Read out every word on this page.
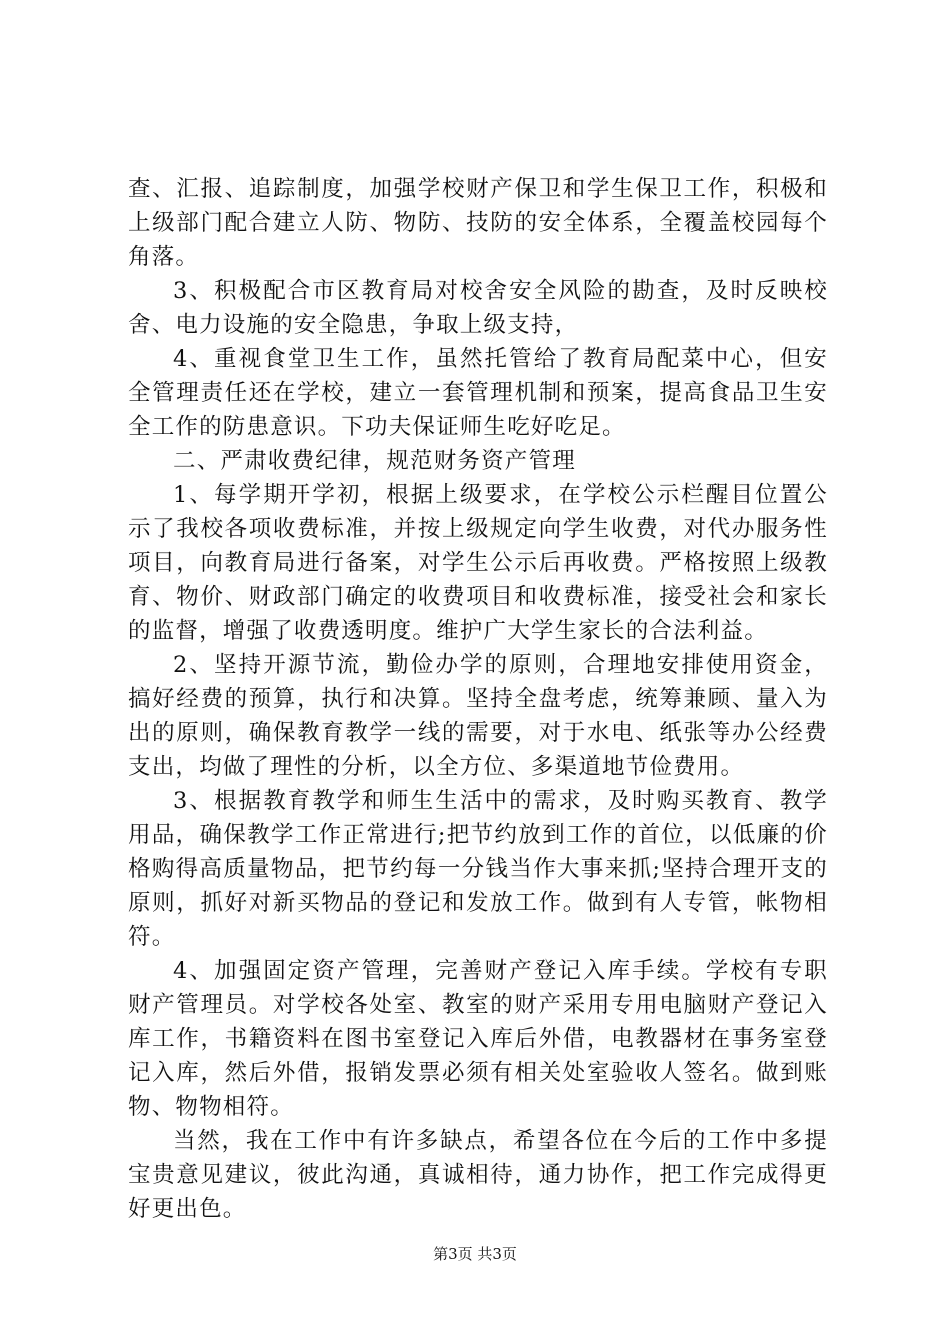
查、汇报、追踪制度，加强学校财产保卫和学生保卫工作，积极和上级部门配合建立人防、物防、技防的安全体系，全覆盖校园每个角落。

3、积极配合市区教育局对校舍安全风险的勘查，及时反映校舍、电力设施的安全隐患，争取上级支持，

4、重视食堂卫生工作，虽然托管给了教育局配菜中心，但安全管理责任还在学校，建立一套管理机制和预案，提高食品卫生安全工作的防患意识。下功夫保证师生吃好吃足。

二、严肃收费纪律，规范财务资产管理

1、每学期开学初，根据上级要求，在学校公示栏醒目位置公示了我校各项收费标准，并按上级规定向学生收费，对代办服务性项目，向教育局进行备案，对学生公示后再收费。严格按照上级教育、物价、财政部门确定的收费项目和收费标准，接受社会和家长的监督，增强了收费透明度。维护广大学生家长的合法利益。

2、坚持开源节流，勤俭办学的原则，合理地安排使用资金，搞好经费的预算，执行和决算。坚持全盘考虑，统筹兼顾、量入为出的原则，确保教育教学一线的需要，对于水电、纸张等办公经费支出，均做了理性的分析，以全方位、多渠道地节俭费用。

3、根据教育教学和师生生活中的需求，及时购买教育、教学用品，确保教学工作正常进行;把节约放到工作的首位，以低廉的价格购得高质量物品，把节约每一分钱当作大事来抓;坚持合理开支的原则，抓好对新买物品的登记和发放工作。做到有人专管，帐物相符。

4、加强固定资产管理，完善财产登记入库手续。学校有专职财产管理员。对学校各处室、教室的财产采用专用电脑财产登记入库工作，书籍资料在图书室登记入库后外借，电教器材在事务室登记入库，然后外借，报销发票必须有相关处室验收人签名。做到账物、物物相符。

当然，我在工作中有许多缺点，希望各位在今后的工作中多提宝贵意见建议，彼此沟通，真诚相待，通力协作，把工作完成得更好更出色。

第3页 共3页
